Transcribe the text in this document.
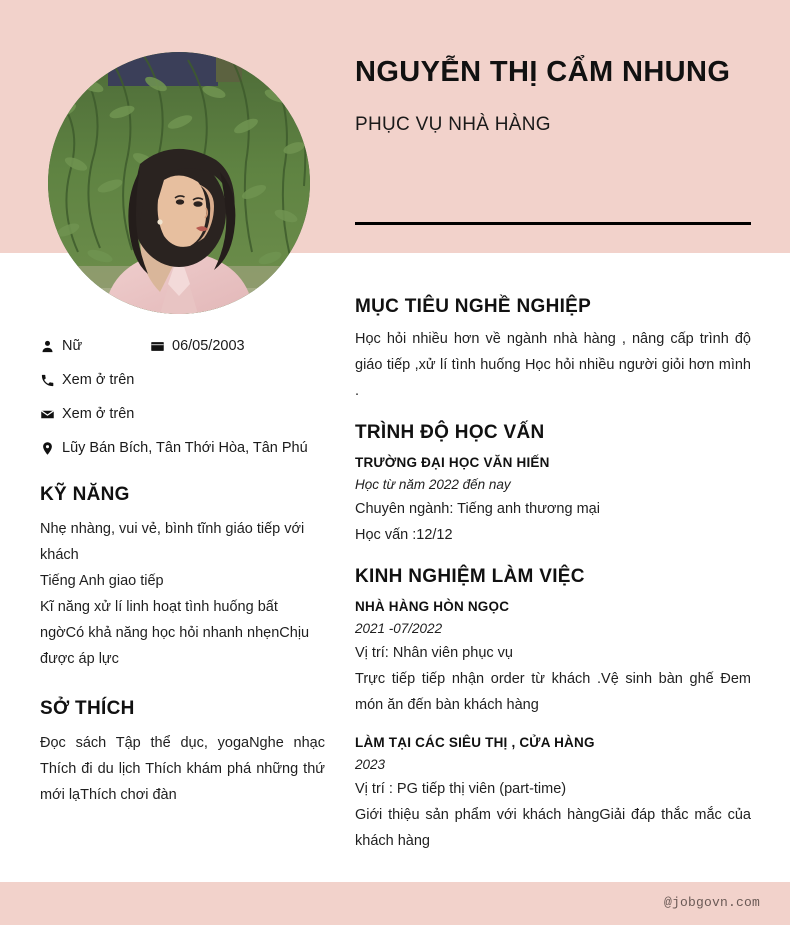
NGUYỄN THỊ CẨM NHUNG
PHỤC VỤ NHÀ HÀNG
Nữ	06/05/2003
Xem ở trên
Xem ở trên
Lũy Bán Bích, Tân Thới Hòa, Tân Phú
KỸ NĂNG
Nhẹ nhàng, vui vẻ, bình tĩnh giáo tiếp với khách
Tiếng Anh giao tiếp
Kĩ năng xử lí linh hoạt tình huống bất ngờCó khả năng học hỏi nhanh nhẹnChịu được áp lực
SỞ THÍCH
Đọc sách Tập thể dục, yogaNghe nhạc Thích đi du lịch Thích khám phá những thứ mới lạThích chơi đàn
MỤC TIÊU NGHỀ NGHIỆP
Học hỏi nhiều hơn về ngành nhà hàng , nâng cấp trình độ giáo tiếp ,xử lí tình huống Học hỏi nhiều người giỏi hơn mình .
TRÌNH ĐỘ HỌC VẤN
TRƯỜNG ĐẠI HỌC VĂN HIẾN
Học từ năm 2022 đến nay
Chuyên ngành: Tiếng anh thương mại
Học vấn :12/12
KINH NGHIỆM LÀM VIỆC
NHÀ HÀNG HÒN NGỌC
2021 -07/2022
Vị trí: Nhân viên phục vụ
Trực tiếp tiếp nhận order từ khách .Vệ sinh bàn ghế Đem món ăn đến bàn khách hàng
LÀM TẠI CÁC SIÊU THỊ , CỬA HÀNG
2023
Vị trí : PG tiếp thị viên (part-time)
Giới thiệu sản phẩm với khách hàngGiải đáp thắc mắc của khách hàng
@jobgovn.com
